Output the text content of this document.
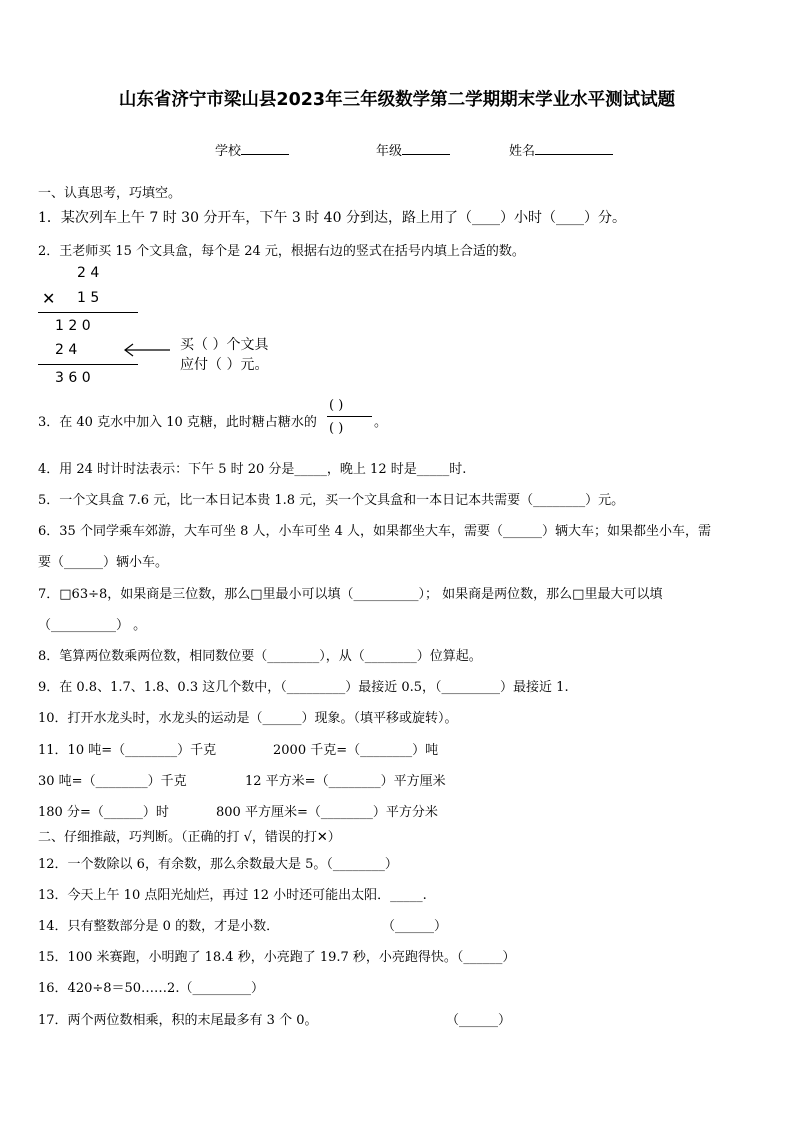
山东省济宁市梁山县2023年三年级数学第二学期期末学业水平测试试题
学校	年级	姓名
一、认真思考，巧填空。
1．某次列车上午 7 时 30 分开车，下午 3 时 40 分到达，路上用了（____）小时（____）分。
2．王老师买 15 个文具盒，每个是 24 元，根据右边的竖式在括号内填上合适的数。
2 4
✕ 1 5
1 2 0
2 4
3 6 0
买（ ）个文具
应付（ ）元。
3．在 40 克水中加入 10 克糖，此时糖占糖水的
( )
( ) 。
4．用 24 时计时法表示：下午 5 时 20 分是_____，晚上 12 时是_____时.
5．一个文具盒 7.6 元，比一本日记本贵 1.8 元，买一个文具盒和一本日记本共需要（________）元。
6．35 个同学乘车郊游，大车可坐 8 人，小车可坐 4 人，如果都坐大车，需要（______）辆大车；如果都坐小车，需
要（______）辆小车。
7．□63÷8，如果商是三位数，那么□里最小可以填（__________）； 如果商是两位数，那么□里最大可以填
（__________） 。
8．笔算两位数乘两位数，相同数位要（________），从（________）位算起。
9．在 0.8、1.7、1.8、0.3 这几个数中，（_________）最接近 0.5，（_________）最接近 1.
10．打开水龙头时，水龙头的运动是（______）现象。（填平移或旋转）。
11．10 吨=（________）千克	2000 千克=（________）吨
30 吨=（________）千克	12 平方米=（________）平方厘米
180 分=（______）时	800 平方厘米=（________）平方分米
二、仔细推敲，巧判断。（正确的打 √，错误的打✕）
12．一个数除以 6，有余数，那么余数最大是 5。（________）
13．今天上午 10 点阳光灿烂，再过 12 小时还可能出太阳．_____.
14．只有整数部分是 0 的数，才是小数．	（______）
15．100 米赛跑，小明跑了 18.4 秒，小亮跑了 19.7 秒，小亮跑得快。（______）
16．420÷8＝50……2.（_________）
17．两个两位数相乘，积的末尾最多有 3 个 0。	（______）
